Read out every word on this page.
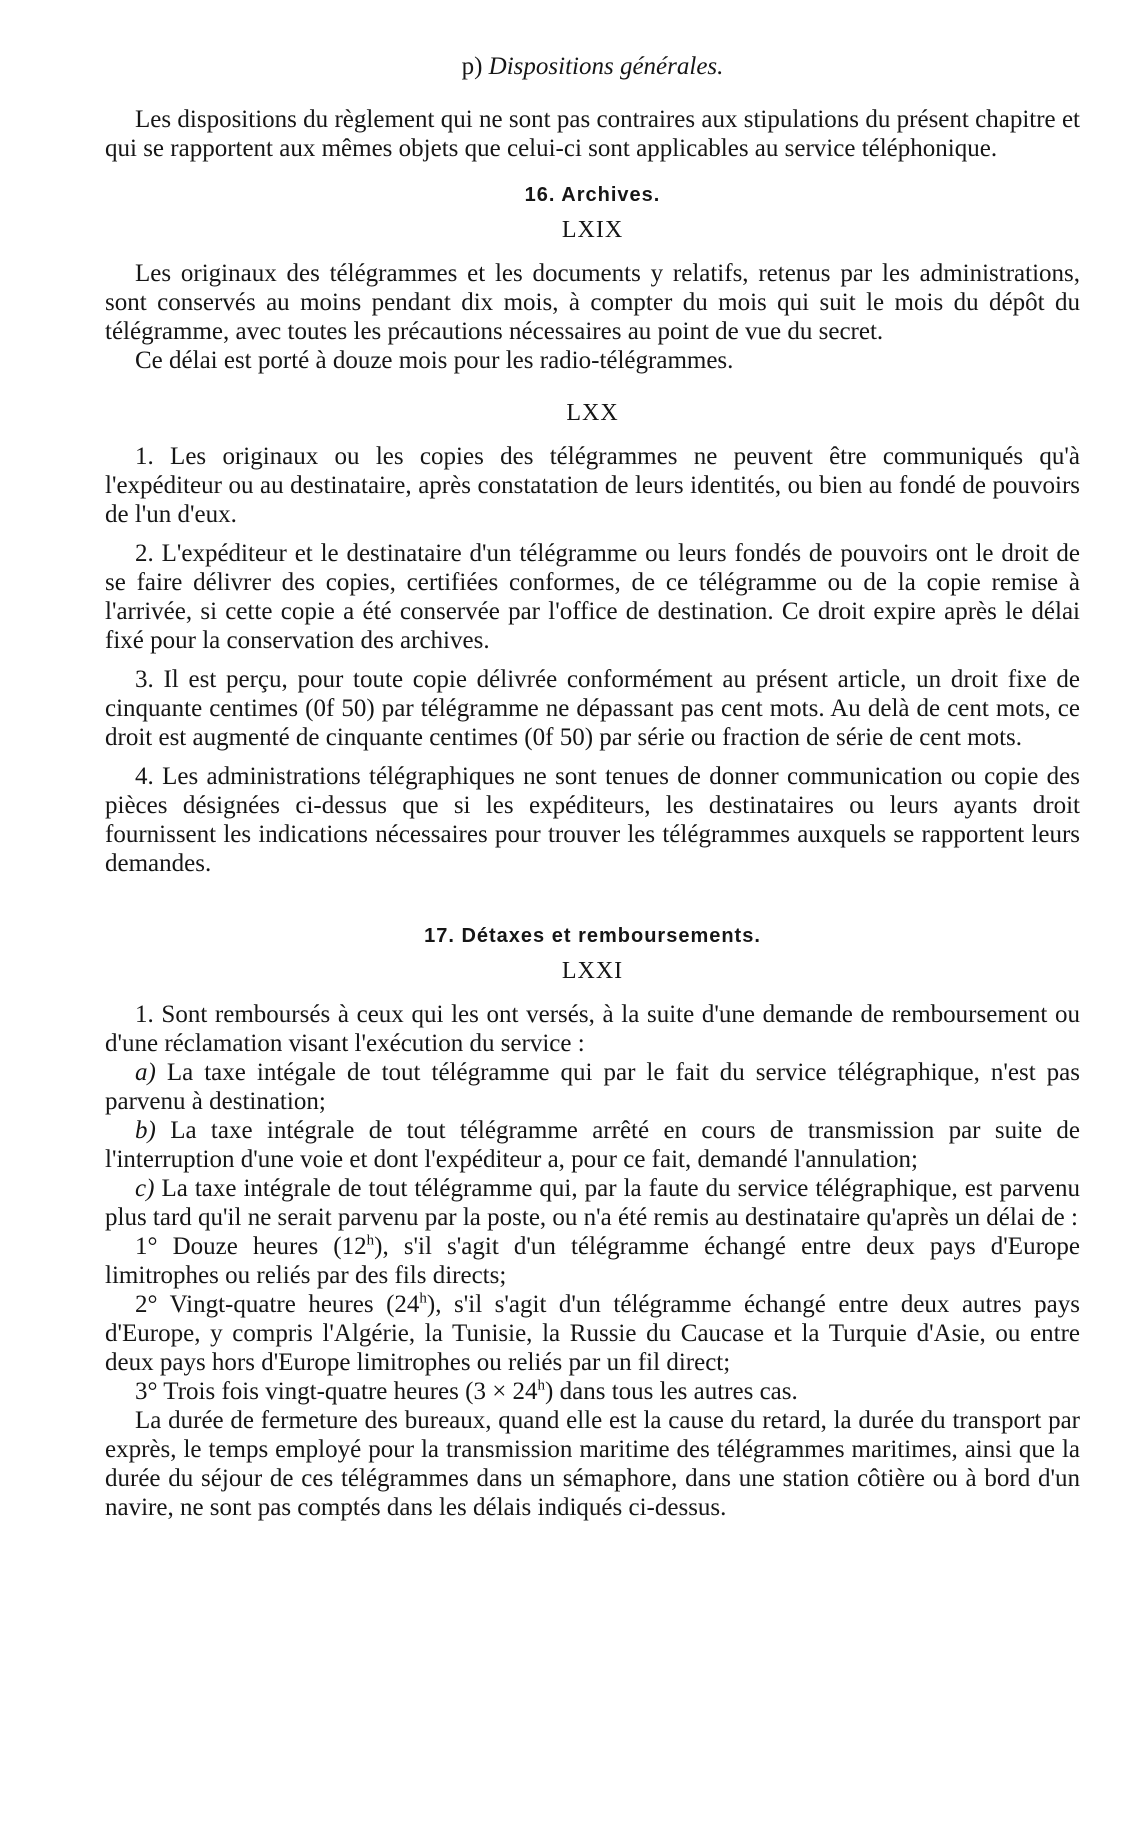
p) Dispositions générales.

Les dispositions du règlement qui ne sont pas contraires aux stipulations du présent chapitre et qui se rapportent aux mêmes objets que celui-ci sont applicables au service téléphonique.

16. Archives.

LXIX

Les originaux des télégrammes et les documents y relatifs, retenus par les administrations, sont conservés au moins pendant dix mois, à compter du mois qui suit le mois du dépôt du télégramme, avec toutes les précautions nécessaires au point de vue du secret.

Ce délai est porté à douze mois pour les radio-télégrammes.

LXX

1. Les originaux ou les copies des télégrammes ne peuvent être communiqués qu'à l'expéditeur ou au destinataire, après constatation de leurs identités, ou bien au fondé de pouvoirs de l'un d'eux.

2. L'expéditeur et le destinataire d'un télégramme ou leurs fondés de pouvoirs ont le droit de se faire délivrer des copies, certifiées conformes, de ce télégramme ou de la copie remise à l'arrivée, si cette copie a été conservée par l'office de destination. Ce droit expire après le délai fixé pour la conservation des archives.

3. Il est perçu, pour toute copie délivrée conformément au présent article, un droit fixe de cinquante centimes (0f 50) par télégramme ne dépassant pas cent mots. Au delà de cent mots, ce droit est augmenté de cinquante centimes (0f 50) par série ou fraction de série de cent mots.

4. Les administrations télégraphiques ne sont tenues de donner communication ou copie des pièces désignées ci-dessus que si les expéditeurs, les destinataires ou leurs ayants droit fournissent les indications nécessaires pour trouver les télégrammes auxquels se rapportent leurs demandes.

17. Détaxes et remboursements.

LXXI

1. Sont remboursés à ceux qui les ont versés, à la suite d'une demande de remboursement ou d'une réclamation visant l'exécution du service :

a) La taxe intégale de tout télégramme qui par le fait du service télégraphique, n'est pas parvenu à destination;

b) La taxe intégrale de tout télégramme arrêté en cours de transmission par suite de l'interruption d'une voie et dont l'expéditeur a, pour ce fait, demandé l'annulation;

c) La taxe intégrale de tout télégramme qui, par la faute du service télégraphique, est parvenu plus tard qu'il ne serait parvenu par la poste, ou n'a été remis au destinataire qu'après un délai de :

1° Douze heures (12$^h$), s'il s'agit d'un télégramme échangé entre deux pays d'Europe limitrophes ou reliés par des fils directs;

2° Vingt-quatre heures (24$^h$), s'il s'agit d'un télégramme échangé entre deux autres pays d'Europe, y compris l'Algérie, la Tunisie, la Russie du Caucase et la Turquie d'Asie, ou entre deux pays hors d'Europe limitrophes ou reliés par un fil direct;

3° Trois fois vingt-quatre heures $(3 \times 24^h)$ dans tous les autres cas.

La durée de fermeture des bureaux, quand elle est la cause du retard, la durée du transport par exprès, le temps employé pour la transmission maritime des télégrammes maritimes, ainsi que la durée du séjour de ces télégrammes dans un sémaphore, dans une station côtière ou à bord d'un navire, ne sont pas comptés dans les délais indiqués ci-dessus.
